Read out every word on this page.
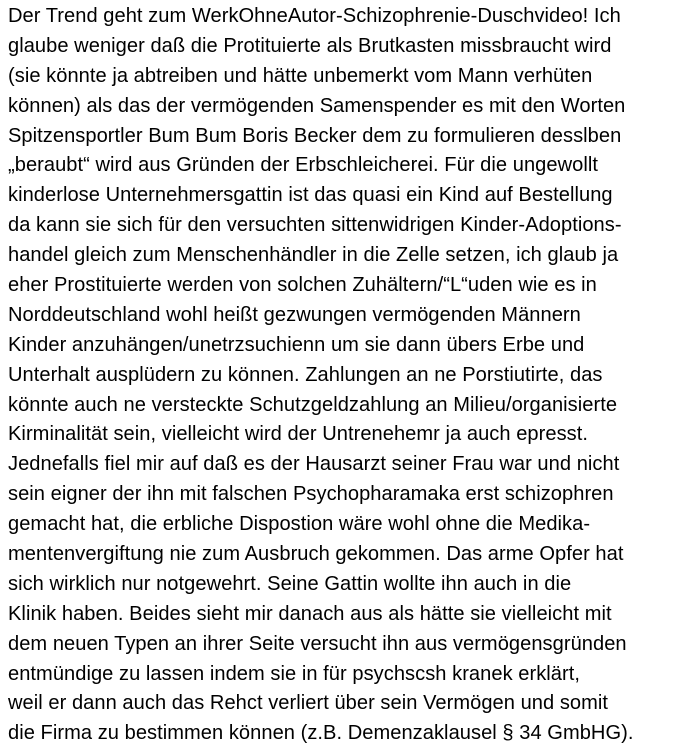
Der Trend geht zum WerkOhneAutor-Schizophrenie-Duschvideo! Ich
glaube weniger daß die Protituierte als Brutkasten missbraucht wird
(sie könnte ja abtreiben und hätte unbemerkt vom Mann verhüten
können) als das der vermögenden Samenspender es mit den Worten
Spitzensportler Bum Bum Boris Becker dem zu formulieren desslben
„beraubt“ wird aus Gründen der Erbschleicherei. Für die ungewollt
kinderlose Unternehmersgattin ist das quasi ein Kind auf Bestellung
da kann sie sich für den versuchten sittenwidrigen Kinder-Adoptions-
handel gleich zum Menschenhändler in die Zelle setzen, ich glaub ja
eher Prostituierte werden von solchen Zuhältern/“L“uden wie es in
Norddeutschland wohl heißt gezwungen vermögenden Männern
Kinder anzuhängen/unetrzsuchienn um sie dann übers Erbe und
Unterhalt ausplüdern zu können. Zahlungen an ne Porstiutirte, das
könnte auch ne versteckte Schutzgeldzahlung an Milieu/organisierte
Kirminalität sein, vielleicht wird der Untrenehemr ja auch epresst.
Jednefalls fiel mir auf daß es der Hausarzt seiner Frau war und nicht
sein eigner der ihn mit falschen Psychopharamaka erst schizophren
gemacht hat, die erbliche Dispostion wäre wohl ohne die Medika-
mentenvergiftung nie zum Ausbruch gekommen. Das arme Opfer hat
sich wirklich nur notgewehrt. Seine Gattin wollte ihn auch in die
Klinik haben. Beides sieht mir danach aus als hätte sie vielleicht mit
dem neuen Typen an ihrer Seite versucht ihn aus vermögensgründen
entmündige zu lassen indem sie in für psychscsh kranek erklärt,
weil er dann auch das Rehct verliert über sein Vermögen und somit
die Firma zu bestimmen können (z.B. Demenzaklausel § 34 GmbHG).
